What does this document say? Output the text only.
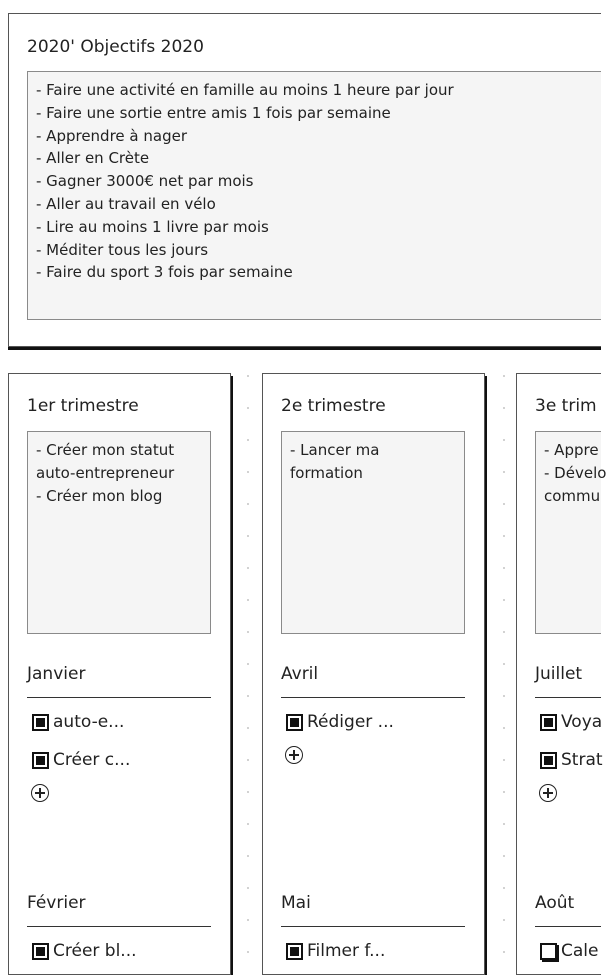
2020' Objectifs 2020
- Faire une activité en famille au moins 1 heure par jour
- Faire une sortie entre amis 1 fois par semaine
- Apprendre à nager
- Aller en Crète
- Gagner 3000€ net par mois
- Aller au travail en vélo
- Lire au moins 1 livre par mois
- Méditer tous les jours
- Faire du sport 3 fois par semaine
1er trimestre
- Créer mon statut
auto-entrepreneur
- Créer mon blog
Janvier
auto-e...
Créer c...
Février
Créer bl...
2e trimestre
- Lancer ma
formation
Avril
Rédiger ...
Mai
Filmer f...
3e trim
- Appre
- Dévelo
commu
Juillet
Voya
Strat
Août
Cale
